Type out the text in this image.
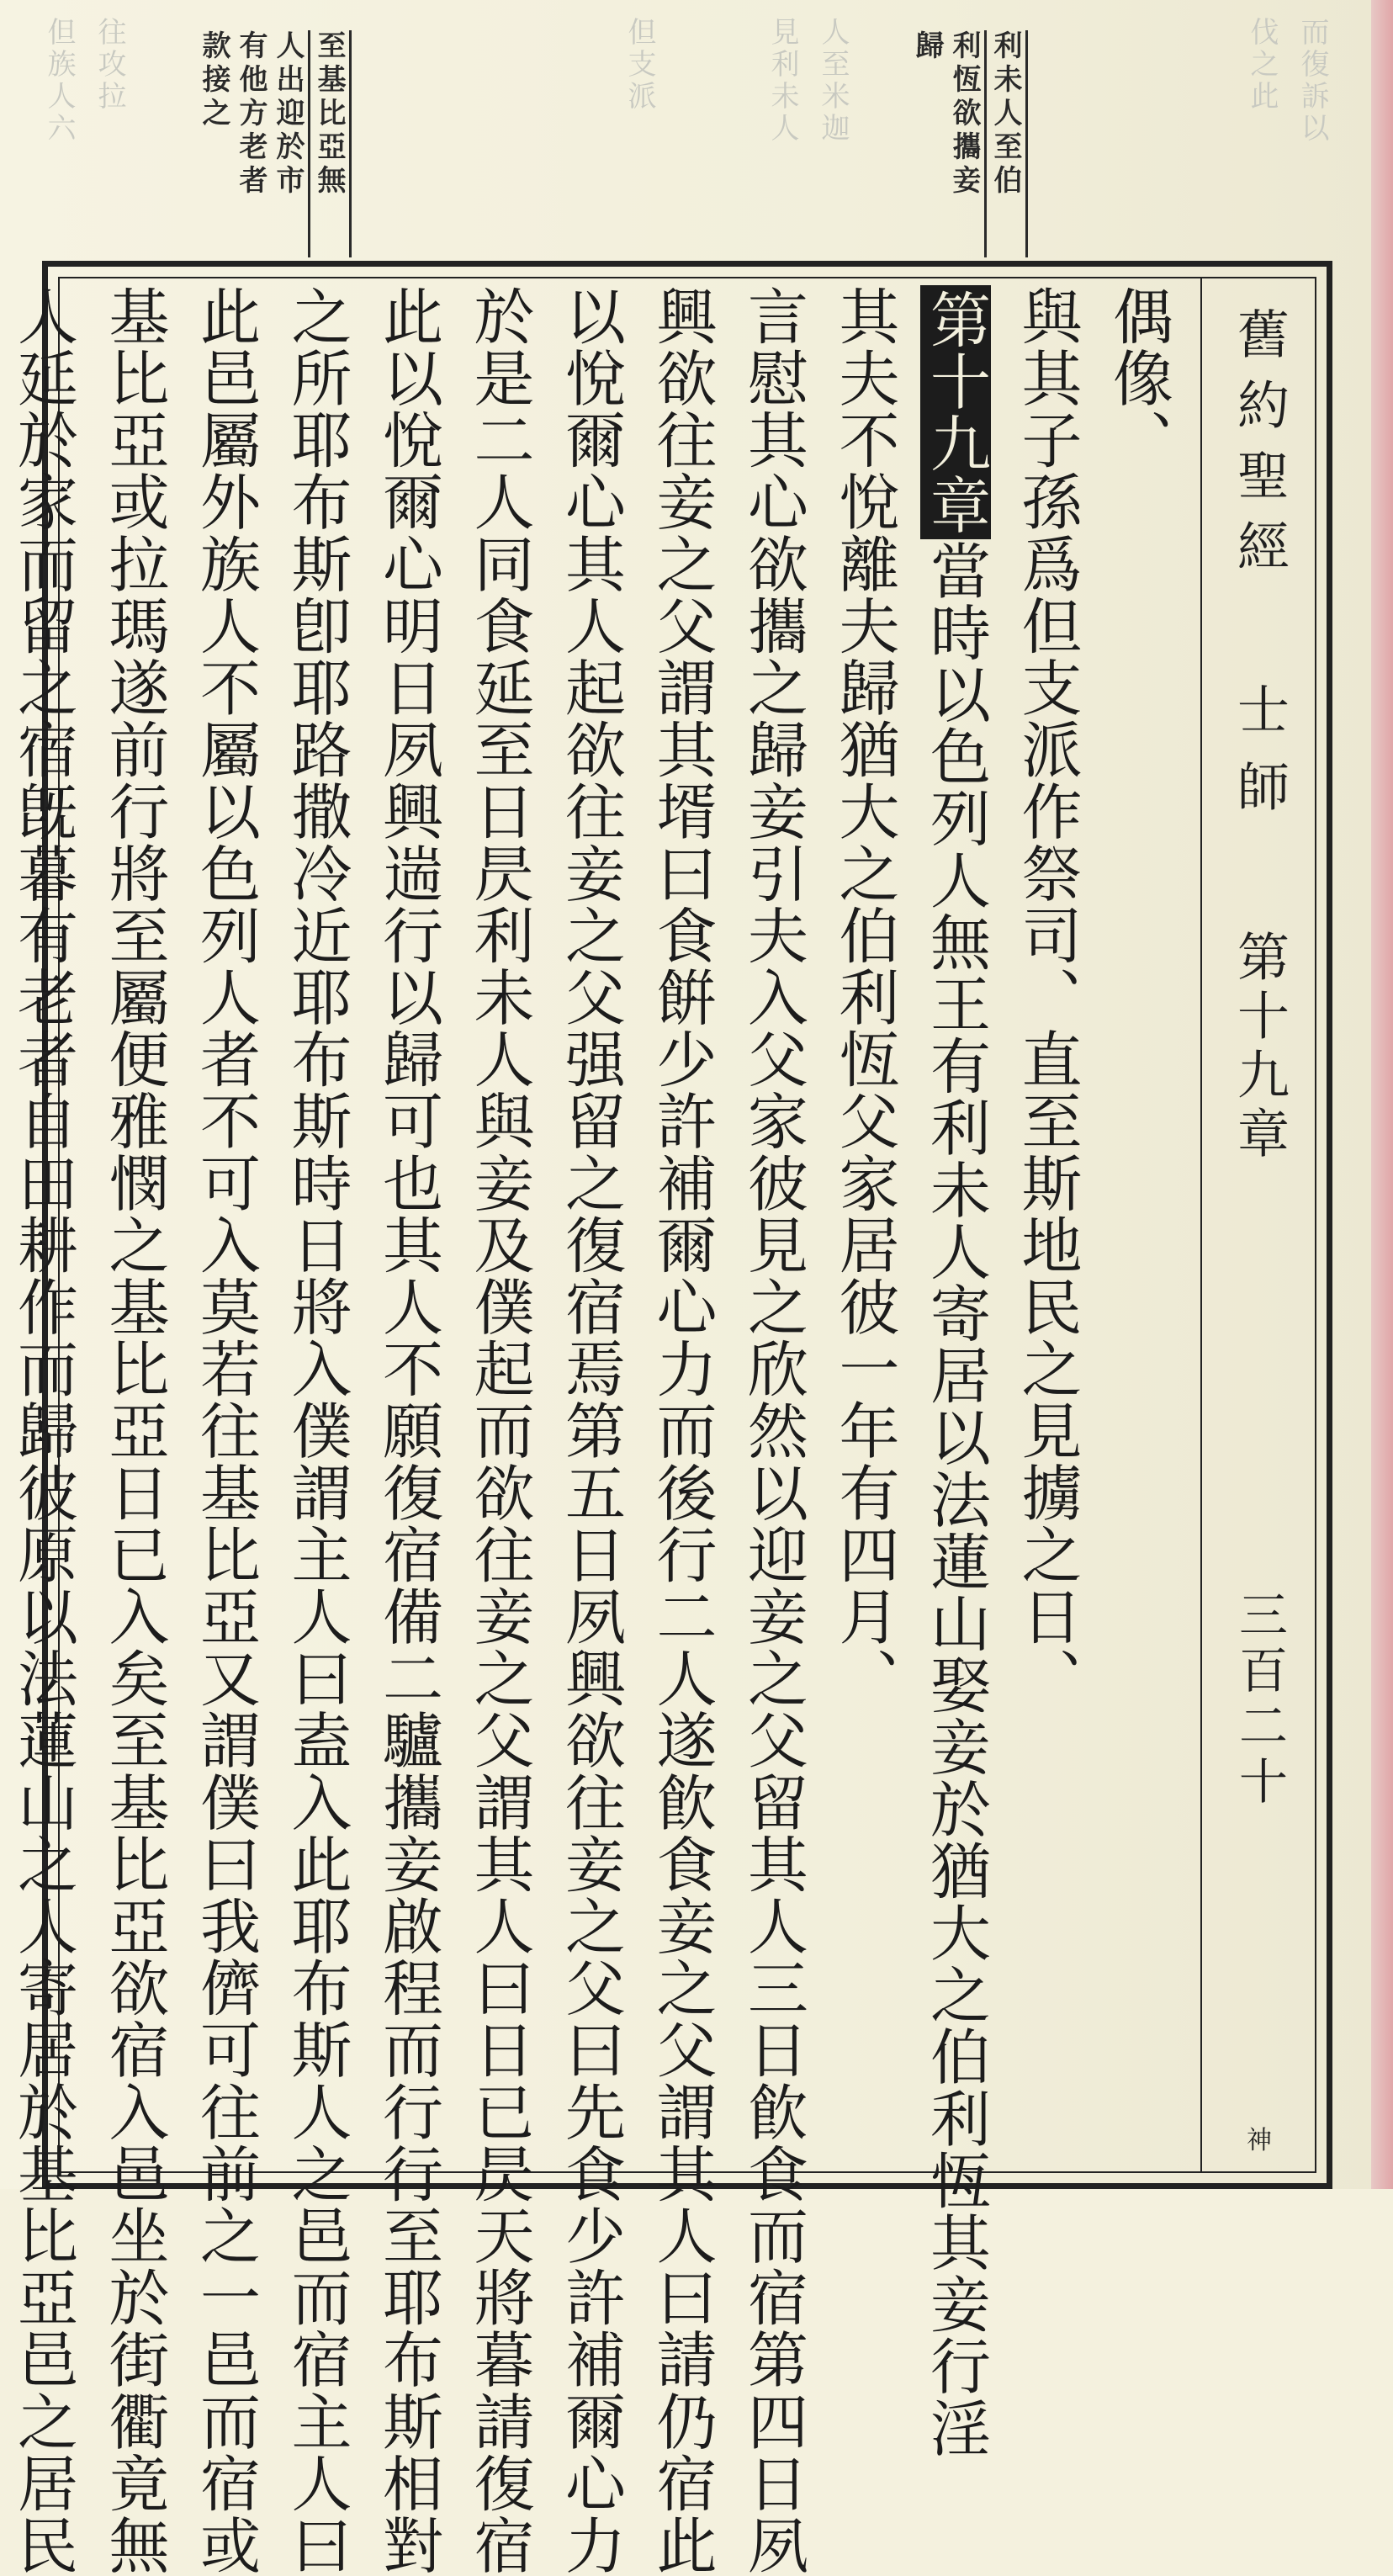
而復訴以
伐之此
人至米迦
見利未人
但支派
往攻拉
但族人六	利未人至伯
利恆欲攜妾
歸
至基比亞無
人出迎於市
有他方老者
款接之
舊約聖經
士師
第十九章
三百二十
神
偶像、
與其子孫爲但支派作祭司、直至斯地民之見擄之日、
第十九章當時以色列人無王有利未人寄居以法蓮山娶妾於猶大之伯利恆其妾行淫
其夫不悅離夫歸猶大之伯利恆父家居彼一年有四月、
言慰其心欲攜之歸妾引夫入父家彼見之欣然以迎妾之父留其人三日飮食而宿第四日夙
興欲往妾之父謂其壻曰食餠少許補爾心力而後行二人遂飮食妾之父謂其人曰請仍宿此
以悅爾心其人起欲往妾之父强留之復宿焉第五日夙興欲往妾之父曰先食少許補爾心力
於是二人同食延至日昃利未人與妾及僕起而欲往妾之父謂其人曰日已昃天將暮請復宿
此以悅爾心明日夙興遄行以歸可也其人不願復宿備二驢攜妾啟程而行行至耶布斯相對
之所耶布斯卽耶路撒冷近耶布斯時日將入僕謂主人曰盍入此耶布斯人之邑而宿主人曰
此邑屬外族人不屬以色列人者不可入莫若往基比亞又謂僕曰我儕可往前之一邑而宿或
基比亞或拉瑪遂前行將至屬便雅憫之基比亞日已入矣至基比亞欲宿入邑坐於街衢竟無
人延於家而留之宿旣暮有老者自田耕作而歸彼原以法蓮山之人寄居於基比亞邑之居民
